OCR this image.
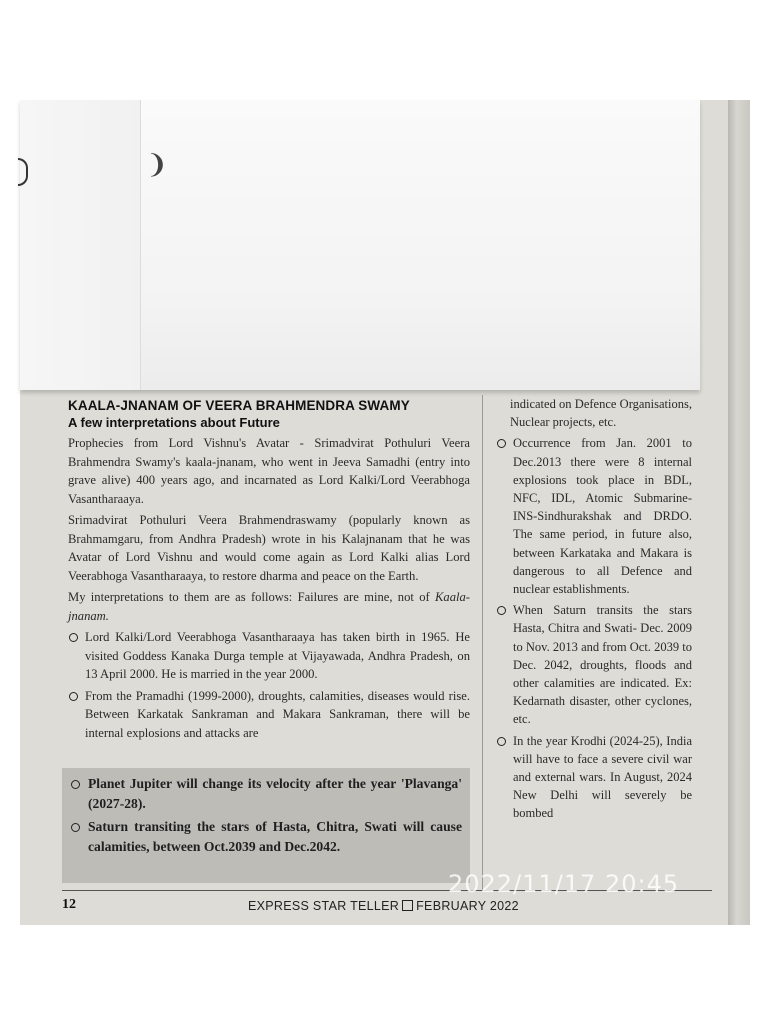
❩
KAALA-JNANAM OF VEERA BRAHMENDRA SWAMY
A few interpretations about Future

Prophecies from Lord Vishnu's Avatar - Srimadvirat Pothuluri Veera Brahmendra Swamy's kaala-jnanam, who went in Jeeva Samadhi (entry into grave alive) 400 years ago, and incarnated as Lord Kalki/Lord Veerabhoga Vasantharaaya.

Srimadvirat Pothuluri Veera Brahmendraswamy (popularly known as Brahmamgaru, from Andhra Pradesh) wrote in his Kalajnanam that he was Avatar of Lord Vishnu and would come again as Lord Kalki alias Lord Veerabhoga Vasantharaaya, to restore dharma and peace on the Earth.

My interpretations to them are as follows: Failures are mine, not of Kaala-jnanam.

Lord Kalki/Lord Veerabhoga Vasantharaaya has taken birth in 1965. He visited Goddess Kanaka Durga temple at Vijayawada, Andhra Pradesh, on 13 April 2000. He is married in the year 2000.
From the Pramadhi (1999-2000), droughts, calamities, diseases would rise. Between Karkatak Sankraman and Makara Sankraman, there will be internal explosions and attacks are

indicated on Defence Organisations, Nuclear projects, etc.

Occurrence from Jan. 2001 to Dec.2013 there were 8 internal explosions took place in BDL, NFC, IDL, Atomic Submarine- INS-Sindhurakshak and DRDO. The same period, in future also, between Karkataka and Makara is dangerous to all Defence and nuclear establishments.
When Saturn transits the stars Hasta, Chitra and Swati- Dec. 2009 to Nov. 2013 and from Oct. 2039 to Dec. 2042, droughts, floods and other calamities are indicated. Ex: Kedarnath disaster, other cyclones, etc.
In the year Krodhi (2024-25), India will have to face a severe civil war and external wars. In August, 2024 New Delhi will severely be bombed
Planet Jupiter will change its velocity after the year 'Plavanga' (2027-28).
Saturn transiting the stars of Hasta, Chitra, Swati will cause calamities, between Oct.2039 and Dec.2042.
12	EXPRESS STAR TELLER FEBRUARY 2022
2022/11/17 20:45
